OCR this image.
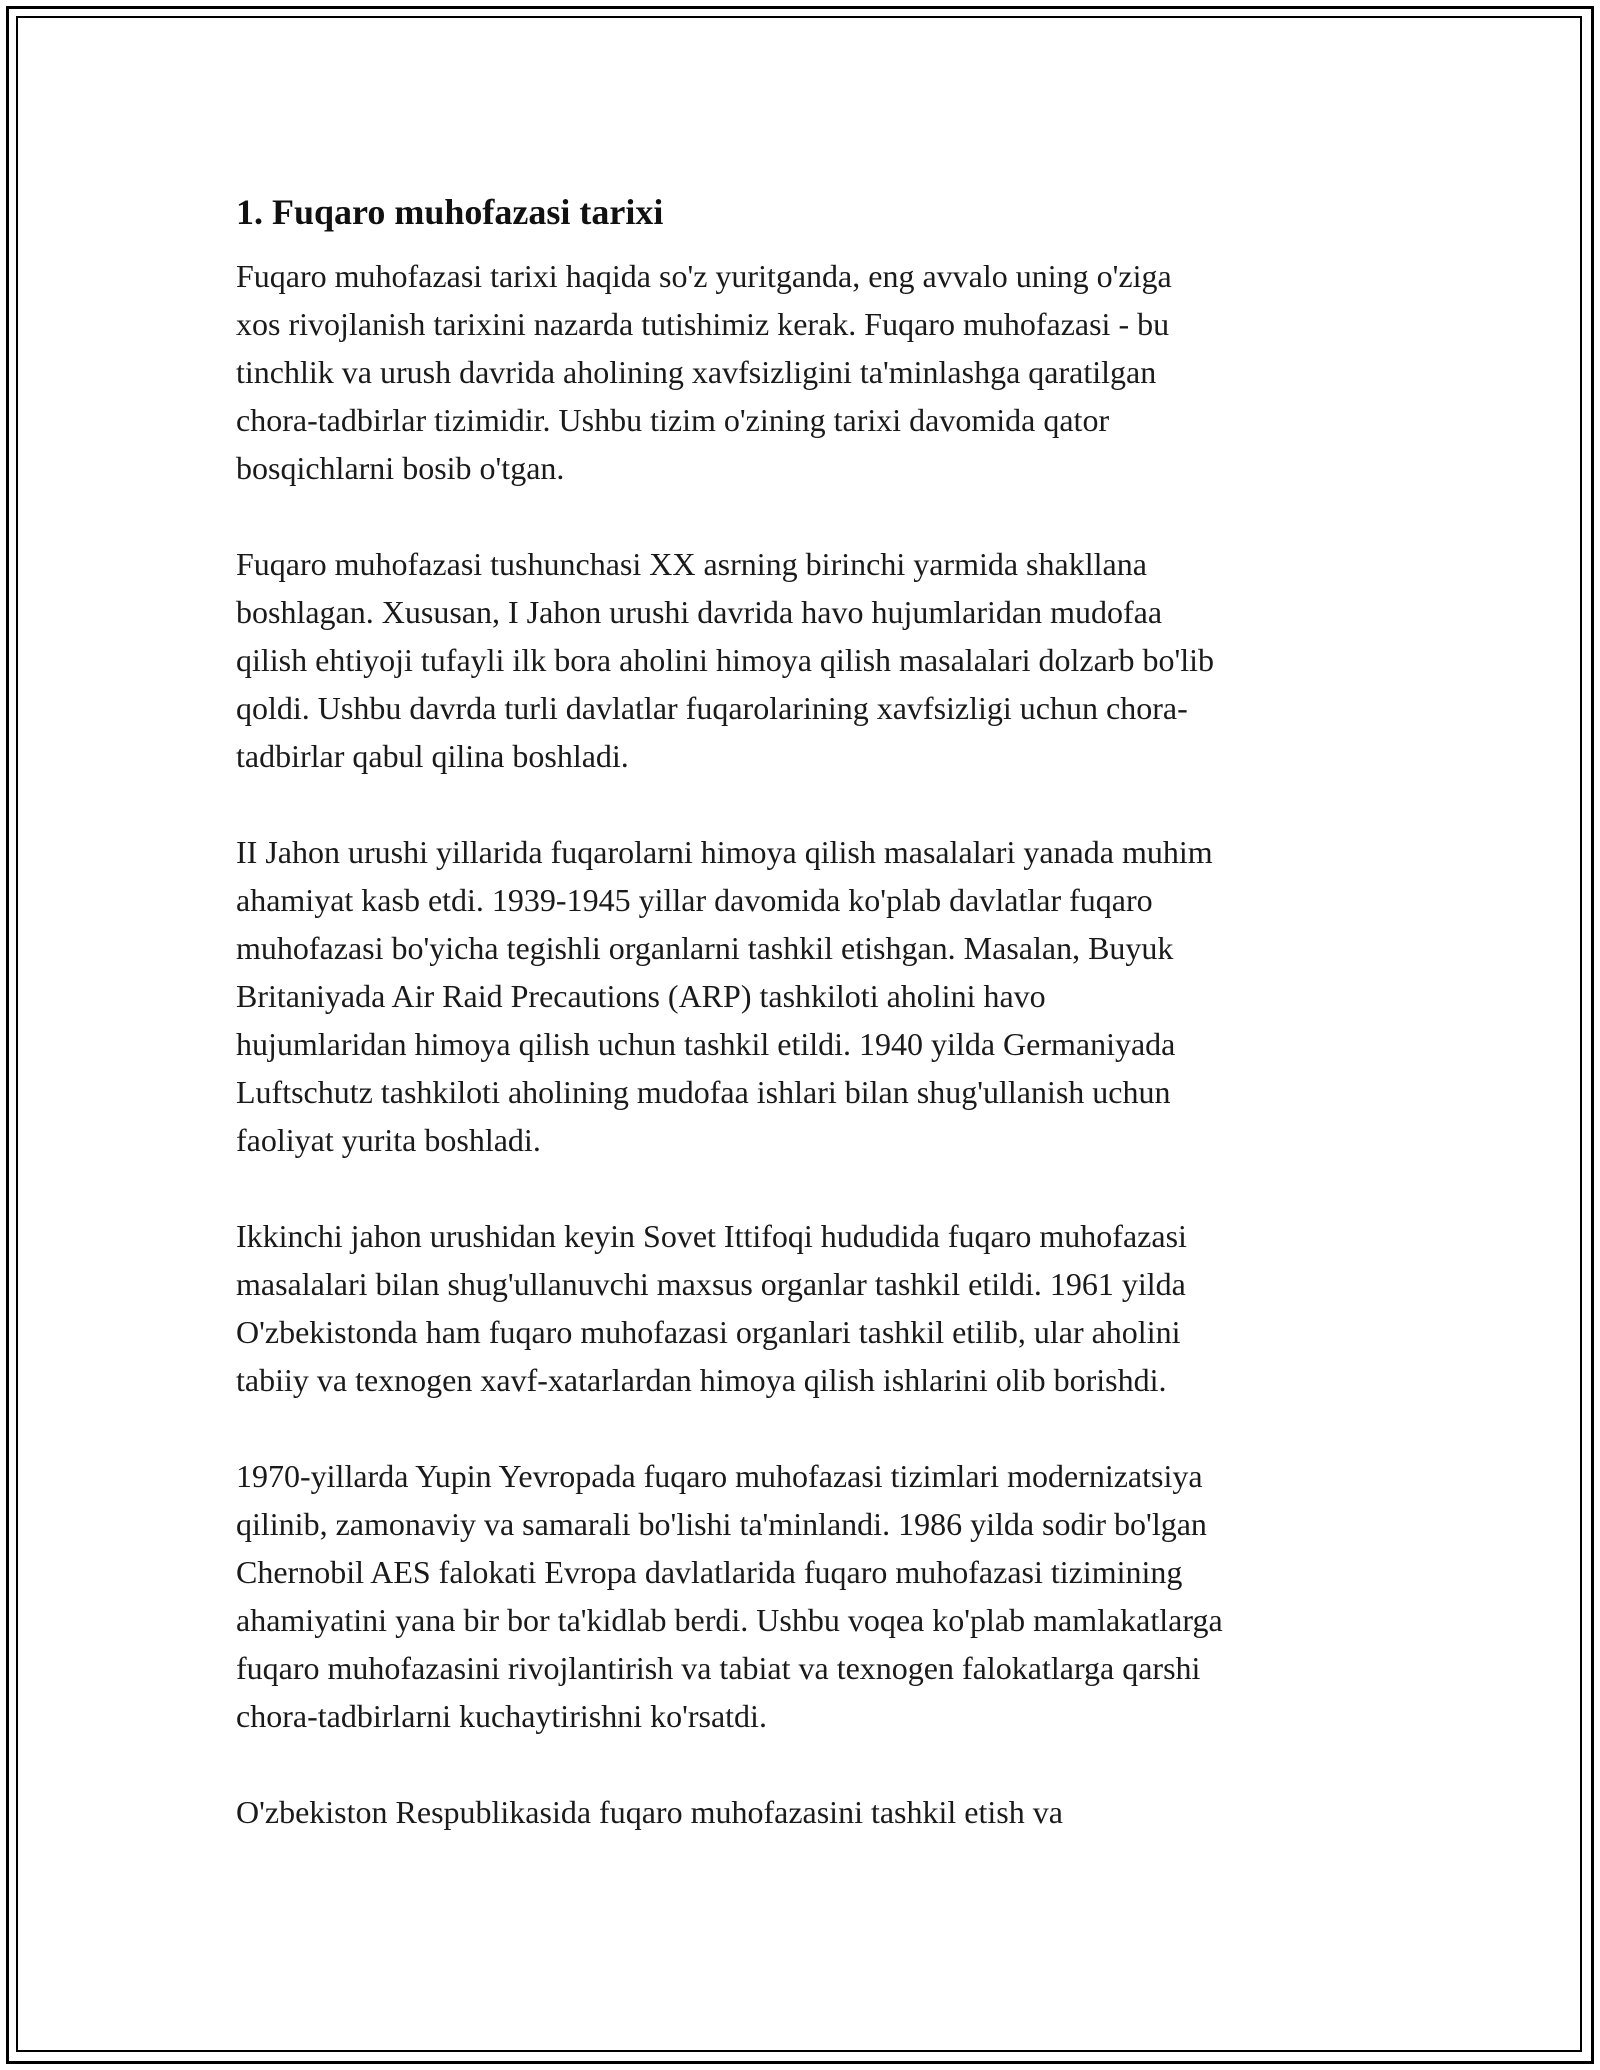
1. Fuqaro muhofazasi tarixi

Fuqaro muhofazasi tarixi haqida so'z yuritganda, eng avvalo uning o'ziga
xos rivojlanish tarixini nazarda tutishimiz kerak. Fuqaro muhofazasi - bu
tinchlik va urush davrida aholining xavfsizligini ta'minlashga qaratilgan
chora-tadbirlar tizimidir. Ushbu tizim o'zining tarixi davomida qator
bosqichlarni bosib o'tgan.

Fuqaro muhofazasi tushunchasi XX asrning birinchi yarmida shakllana
boshlagan. Xususan, I Jahon urushi davrida havo hujumlaridan mudofaa
qilish ehtiyoji tufayli ilk bora aholini himoya qilish masalalari dolzarb bo'lib
qoldi. Ushbu davrda turli davlatlar fuqarolarining xavfsizligi uchun chora-
tadbirlar qabul qilina boshladi.

II Jahon urushi yillarida fuqarolarni himoya qilish masalalari yanada muhim
ahamiyat kasb etdi. 1939-1945 yillar davomida ko'plab davlatlar fuqaro
muhofazasi bo'yicha tegishli organlarni tashkil etishgan. Masalan, Buyuk
Britaniyada Air Raid Precautions (ARP) tashkiloti aholini havo
hujumlaridan himoya qilish uchun tashkil etildi. 1940 yilda Germaniyada
Luftschutz tashkiloti aholining mudofaa ishlari bilan shug'ullanish uchun
faoliyat yurita boshladi.

Ikkinchi jahon urushidan keyin Sovet Ittifoqi hududida fuqaro muhofazasi
masalalari bilan shug'ullanuvchi maxsus organlar tashkil etildi. 1961 yilda
O'zbekistonda ham fuqaro muhofazasi organlari tashkil etilib, ular aholini
tabiiy va texnogen xavf-xatarlardan himoya qilish ishlarini olib borishdi.

1970-yillarda Yupin Yevropada fuqaro muhofazasi tizimlari modernizatsiya
qilinib, zamonaviy va samarali bo'lishi ta'minlandi. 1986 yilda sodir bo'lgan
Chernobil AES falokati Evropa davlatlarida fuqaro muhofazasi tizimining
ahamiyatini yana bir bor ta'kidlab berdi. Ushbu voqea ko'plab mamlakatlarga
fuqaro muhofazasini rivojlantirish va tabiat va texnogen falokatlarga qarshi
chora-tadbirlarni kuchaytirishni ko'rsatdi.

O'zbekiston Respublikasida fuqaro muhofazasini tashkil etish va
